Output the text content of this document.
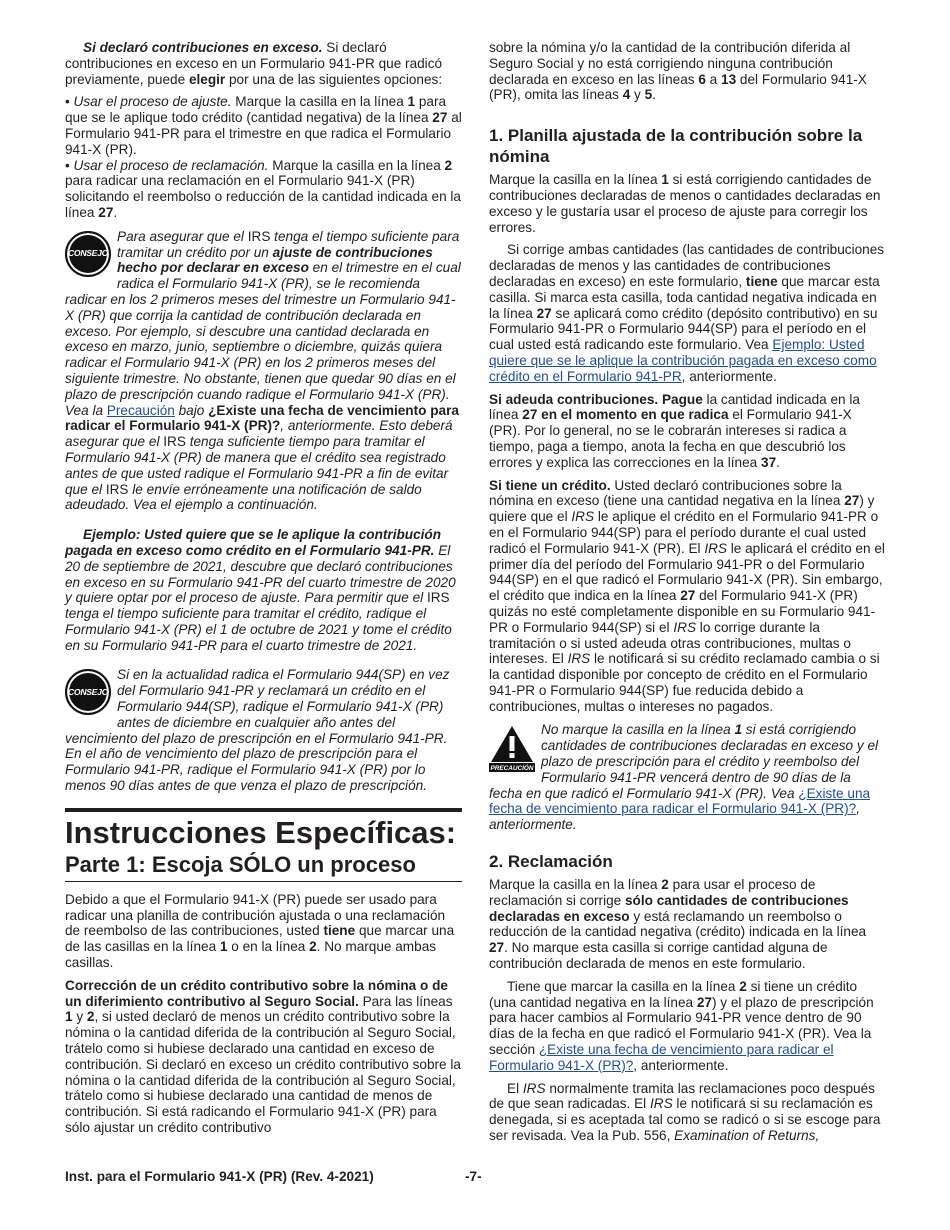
Si declaró contribuciones en exceso. Si declaró contribuciones en exceso en un Formulario 941-PR que radicó previamente, puede elegir por una de las siguientes opciones:

• Usar el proceso de ajuste. Marque la casilla en la línea 1 para que se le aplique todo crédito (cantidad negativa) de la línea 27 al Formulario 941-PR para el trimestre en que radica el Formulario 941-X (PR).

• Usar el proceso de reclamación. Marque la casilla en la línea 2 para radicar una reclamación en el Formulario 941-X (PR) solicitando el reembolso o reducción de la cantidad indicada en la línea 27.

CONSEJO
Para asegurar que el IRS tenga el tiempo suficiente para tramitar un crédito por un ajuste de contribuciones hecho por declarar en exceso en el trimestre en el cual radica el Formulario 941-X (PR), se le recomienda radicar en los 2 primeros meses del trimestre un Formulario 941-X (PR) que corrija la cantidad de contribución declarada en exceso. Por ejemplo, si descubre una cantidad declarada en exceso en marzo, junio, septiembre o diciembre, quizás quiera radicar el Formulario 941-X (PR) en los 2 primeros meses del siguiente trimestre. No obstante, tienen que quedar 90 días en el plazo de prescripción cuando radique el Formulario 941-X (PR). Vea la Precaución bajo ¿Existe una fecha de vencimiento para radicar el Formulario 941-X (PR)?, anteriormente. Esto deberá asegurar que el IRS tenga suficiente tiempo para tramitar el Formulario 941-X (PR) de manera que el crédito sea registrado antes de que usted radique el Formulario 941-PR a fin de evitar que el IRS le envíe erróneamente una notificación de saldo adeudado. Vea el ejemplo a continuación.

Ejemplo: Usted quiere que se le aplique la contribución pagada en exceso como crédito en el Formulario 941-PR. El 20 de septiembre de 2021, descubre que declaró contribuciones en exceso en su Formulario 941-PR del cuarto trimestre de 2020 y quiere optar por el proceso de ajuste. Para permitir que el IRS tenga el tiempo suficiente para tramitar el crédito, radique el Formulario 941-X (PR) el 1 de octubre de 2021 y tome el crédito en su Formulario 941-PR para el cuarto trimestre de 2021.

CONSEJO
Si en la actualidad radica el Formulario 944(SP) en vez del Formulario 941-PR y reclamará un crédito en el Formulario 944(SP), radique el Formulario 941-X (PR) antes de diciembre en cualquier año antes del vencimiento del plazo de prescripción en el Formulario 941-PR. En el año de vencimiento del plazo de prescripción para el Formulario 941-PR, radique el Formulario 941-X (PR) por lo menos 90 días antes de que venza el plazo de prescripción.
Instrucciones Específicas:
Parte 1: Escoja SÓLO un proceso

Debido a que el Formulario 941-X (PR) puede ser usado para radicar una planilla de contribución ajustada o una reclamación de reembolso de las contribuciones, usted tiene que marcar una de las casillas en la línea 1 o en la línea 2. No marque ambas casillas.

Corrección de un crédito contributivo sobre la nómina o de un diferimiento contributivo al Seguro Social. Para las líneas 1 y 2, si usted declaró de menos un crédito contributivo sobre la nómina o la cantidad diferida de la contribución al Seguro Social, trátelo como si hubiese declarado una cantidad en exceso de contribución. Si declaró en exceso un crédito contributivo sobre la nómina o la cantidad diferida de la contribución al Seguro Social, trátelo como si hubiese declarado una cantidad de menos de contribución. Si está radicando el Formulario 941-X (PR) para sólo ajustar un crédito contributivo

sobre la nómina y/o la cantidad de la contribución diferida al Seguro Social y no está corrigiendo ninguna contribución declarada en exceso en las líneas 6 a 13 del Formulario 941-X (PR), omita las líneas 4 y 5.

1. Planilla ajustada de la contribución sobre la nómina

Marque la casilla en la línea 1 si está corrigiendo cantidades de contribuciones declaradas de menos o cantidades declaradas en exceso y le gustaría usar el proceso de ajuste para corregir los errores.

Si corrige ambas cantidades (las cantidades de contribuciones declaradas de menos y las cantidades de contribuciones declaradas en exceso) en este formulario, tiene que marcar esta casilla. Si marca esta casilla, toda cantidad negativa indicada en la línea 27 se aplicará como crédito (depósito contributivo) en su Formulario 941-PR o Formulario 944(SP) para el período en el cual usted está radicando este formulario. Vea Ejemplo: Usted quiere que se le aplique la contribución pagada en exceso como crédito en el Formulario 941-PR, anteriormente.

Si adeuda contribuciones. Pague la cantidad indicada en la línea 27 en el momento en que radica el Formulario 941-X (PR). Por lo general, no se le cobrarán intereses si radica a tiempo, paga a tiempo, anota la fecha en que descubrió los errores y explica las correcciones en la línea 37.

Si tiene un crédito. Usted declaró contribuciones sobre la nómina en exceso (tiene una cantidad negativa en la línea 27) y quiere que el IRS le aplique el crédito en el Formulario 941-PR o en el Formulario 944(SP) para el período durante el cual usted radicó el Formulario 941-X (PR). El IRS le aplicará el crédito en el primer día del período del Formulario 941-PR o del Formulario 944(SP) en el que radicó el Formulario 941-X (PR). Sin embargo, el crédito que indica en la línea 27 del Formulario 941-X (PR) quizás no esté completamente disponible en su Formulario 941-PR o Formulario 944(SP) si el IRS lo corrige durante la tramitación o si usted adeuda otras contribuciones, multas o intereses. El IRS le notificará si su crédito reclamado cambia o si la cantidad disponible por concepto de crédito en el Formulario 941-PR o Formulario 944(SP) fue reducida debido a contribuciones, multas o intereses no pagados.

PRECAUCIÓN
No marque la casilla en la línea 1 si está corrigiendo cantidades de contribuciones declaradas en exceso y el plazo de prescripción para el crédito y reembolso del Formulario 941-PR vencerá dentro de 90 días de la fecha en que radicó el Formulario 941-X (PR). Vea ¿Existe una fecha de vencimiento para radicar el Formulario 941-X (PR)?, anteriormente.
2. Reclamación

Marque la casilla en la línea 2 para usar el proceso de reclamación si corrige sólo cantidades de contribuciones declaradas en exceso y está reclamando un reembolso o reducción de la cantidad negativa (crédito) indicada en la línea 27. No marque esta casilla si corrige cantidad alguna de contribución declarada de menos en este formulario.

Tiene que marcar la casilla en la línea 2 si tiene un crédito (una cantidad negativa en la línea 27) y el plazo de prescripción para hacer cambios al Formulario 941-PR vence dentro de 90 días de la fecha en que radicó el Formulario 941-X (PR). Vea la sección ¿Existe una fecha de vencimiento para radicar el Formulario 941-X (PR)?, anteriormente.

El IRS normalmente tramita las reclamaciones poco después de que sean radicadas. El IRS le notificará si su reclamación es denegada, si es aceptada tal como se radicó o si se escoge para ser revisada. Vea la Pub. 556, Examination of Returns,

Inst. para el Formulario 941-X (PR) (Rev. 4-2021)	-7-
